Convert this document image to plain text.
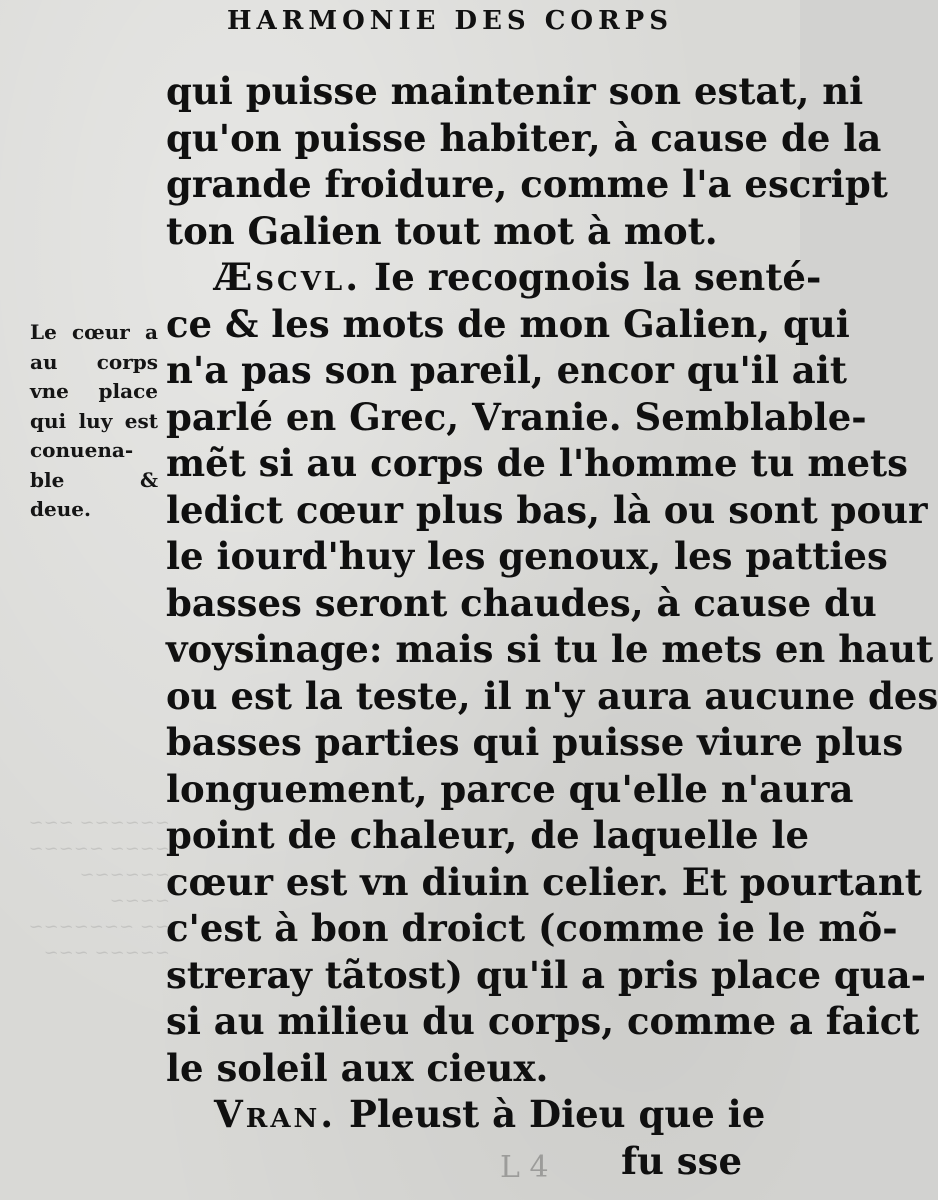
~~~~~~ ~~~
~~~~ ~~~~~
~~~~~~ ~~~~
~~ ~~~~~~~
~~~~~ ~~~
HARMONIE DES CORPS
Le cœur a
au corps
vne place
qui luy est
conuena-
ble &
deue.
qui puisse maintenir son estat, ni
qu'on puisse habiter, à cause de la
grande froidure, comme l'a escript
ton Galien tout mot à mot.
Æscvl. Ie recognois la senté-
ce & les mots de mon Galien, qui
n'a pas son pareil, encor qu'il ait
parlé en Grec, Vranie. Semblable-
mẽt si au corps de l'homme tu mets
ledict cœur plus bas, là ou sont pour
le iourd'huy les genoux, les patties
basses seront chaudes, à cause du
voysinage: mais si tu le mets en haut
ou est la teste, il n'y aura aucune des
basses parties qui puisse viure plus
longuement, parce qu'elle n'aura
point de chaleur, de laquelle le
cœur est vn diuin celier. Et pourtant
c'est à bon droict (comme ie le mõ-
streray tãtost) qu'il a pris place qua-
si au milieu du corps, comme a faict
le soleil aux cieux.
Vran. Pleust à Dieu que ie
fu sse
L 4
